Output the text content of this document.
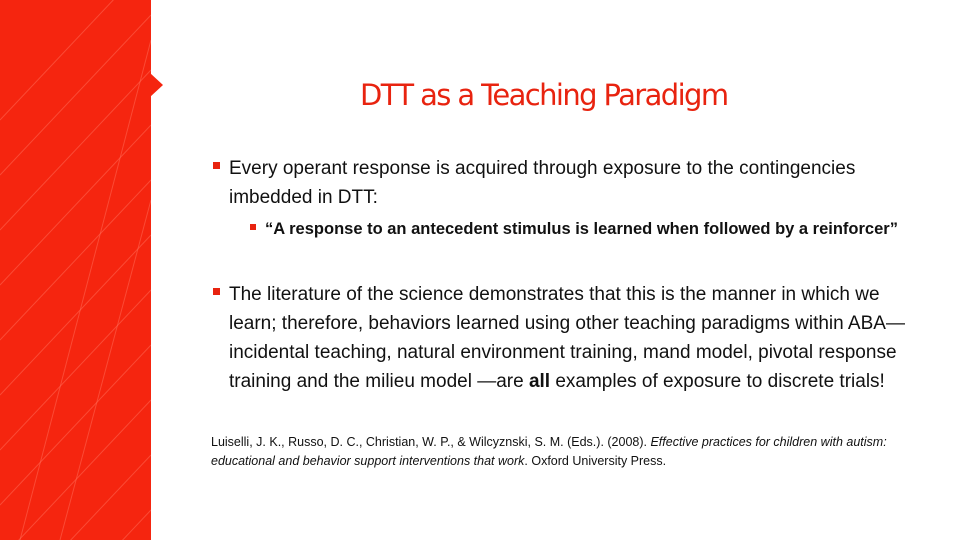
DTT as a Teaching Paradigm
Every operant response is acquired through exposure to the contingencies imbedded in DTT:
“A response to an antecedent stimulus is learned when followed by a reinforcer”
The literature of the science demonstrates that this is the manner in which we learn; therefore, behaviors learned using other teaching paradigms within ABA—incidental teaching, natural environment training, mand model, pivotal response training and the milieu model —are all examples of exposure to discrete trials!
Luiselli, J. K., Russo, D. C., Christian, W. P., & Wilcyznski, S. M. (Eds.). (2008). Effective practices for children with autism: educational and behavior support interventions that work. Oxford University Press.
